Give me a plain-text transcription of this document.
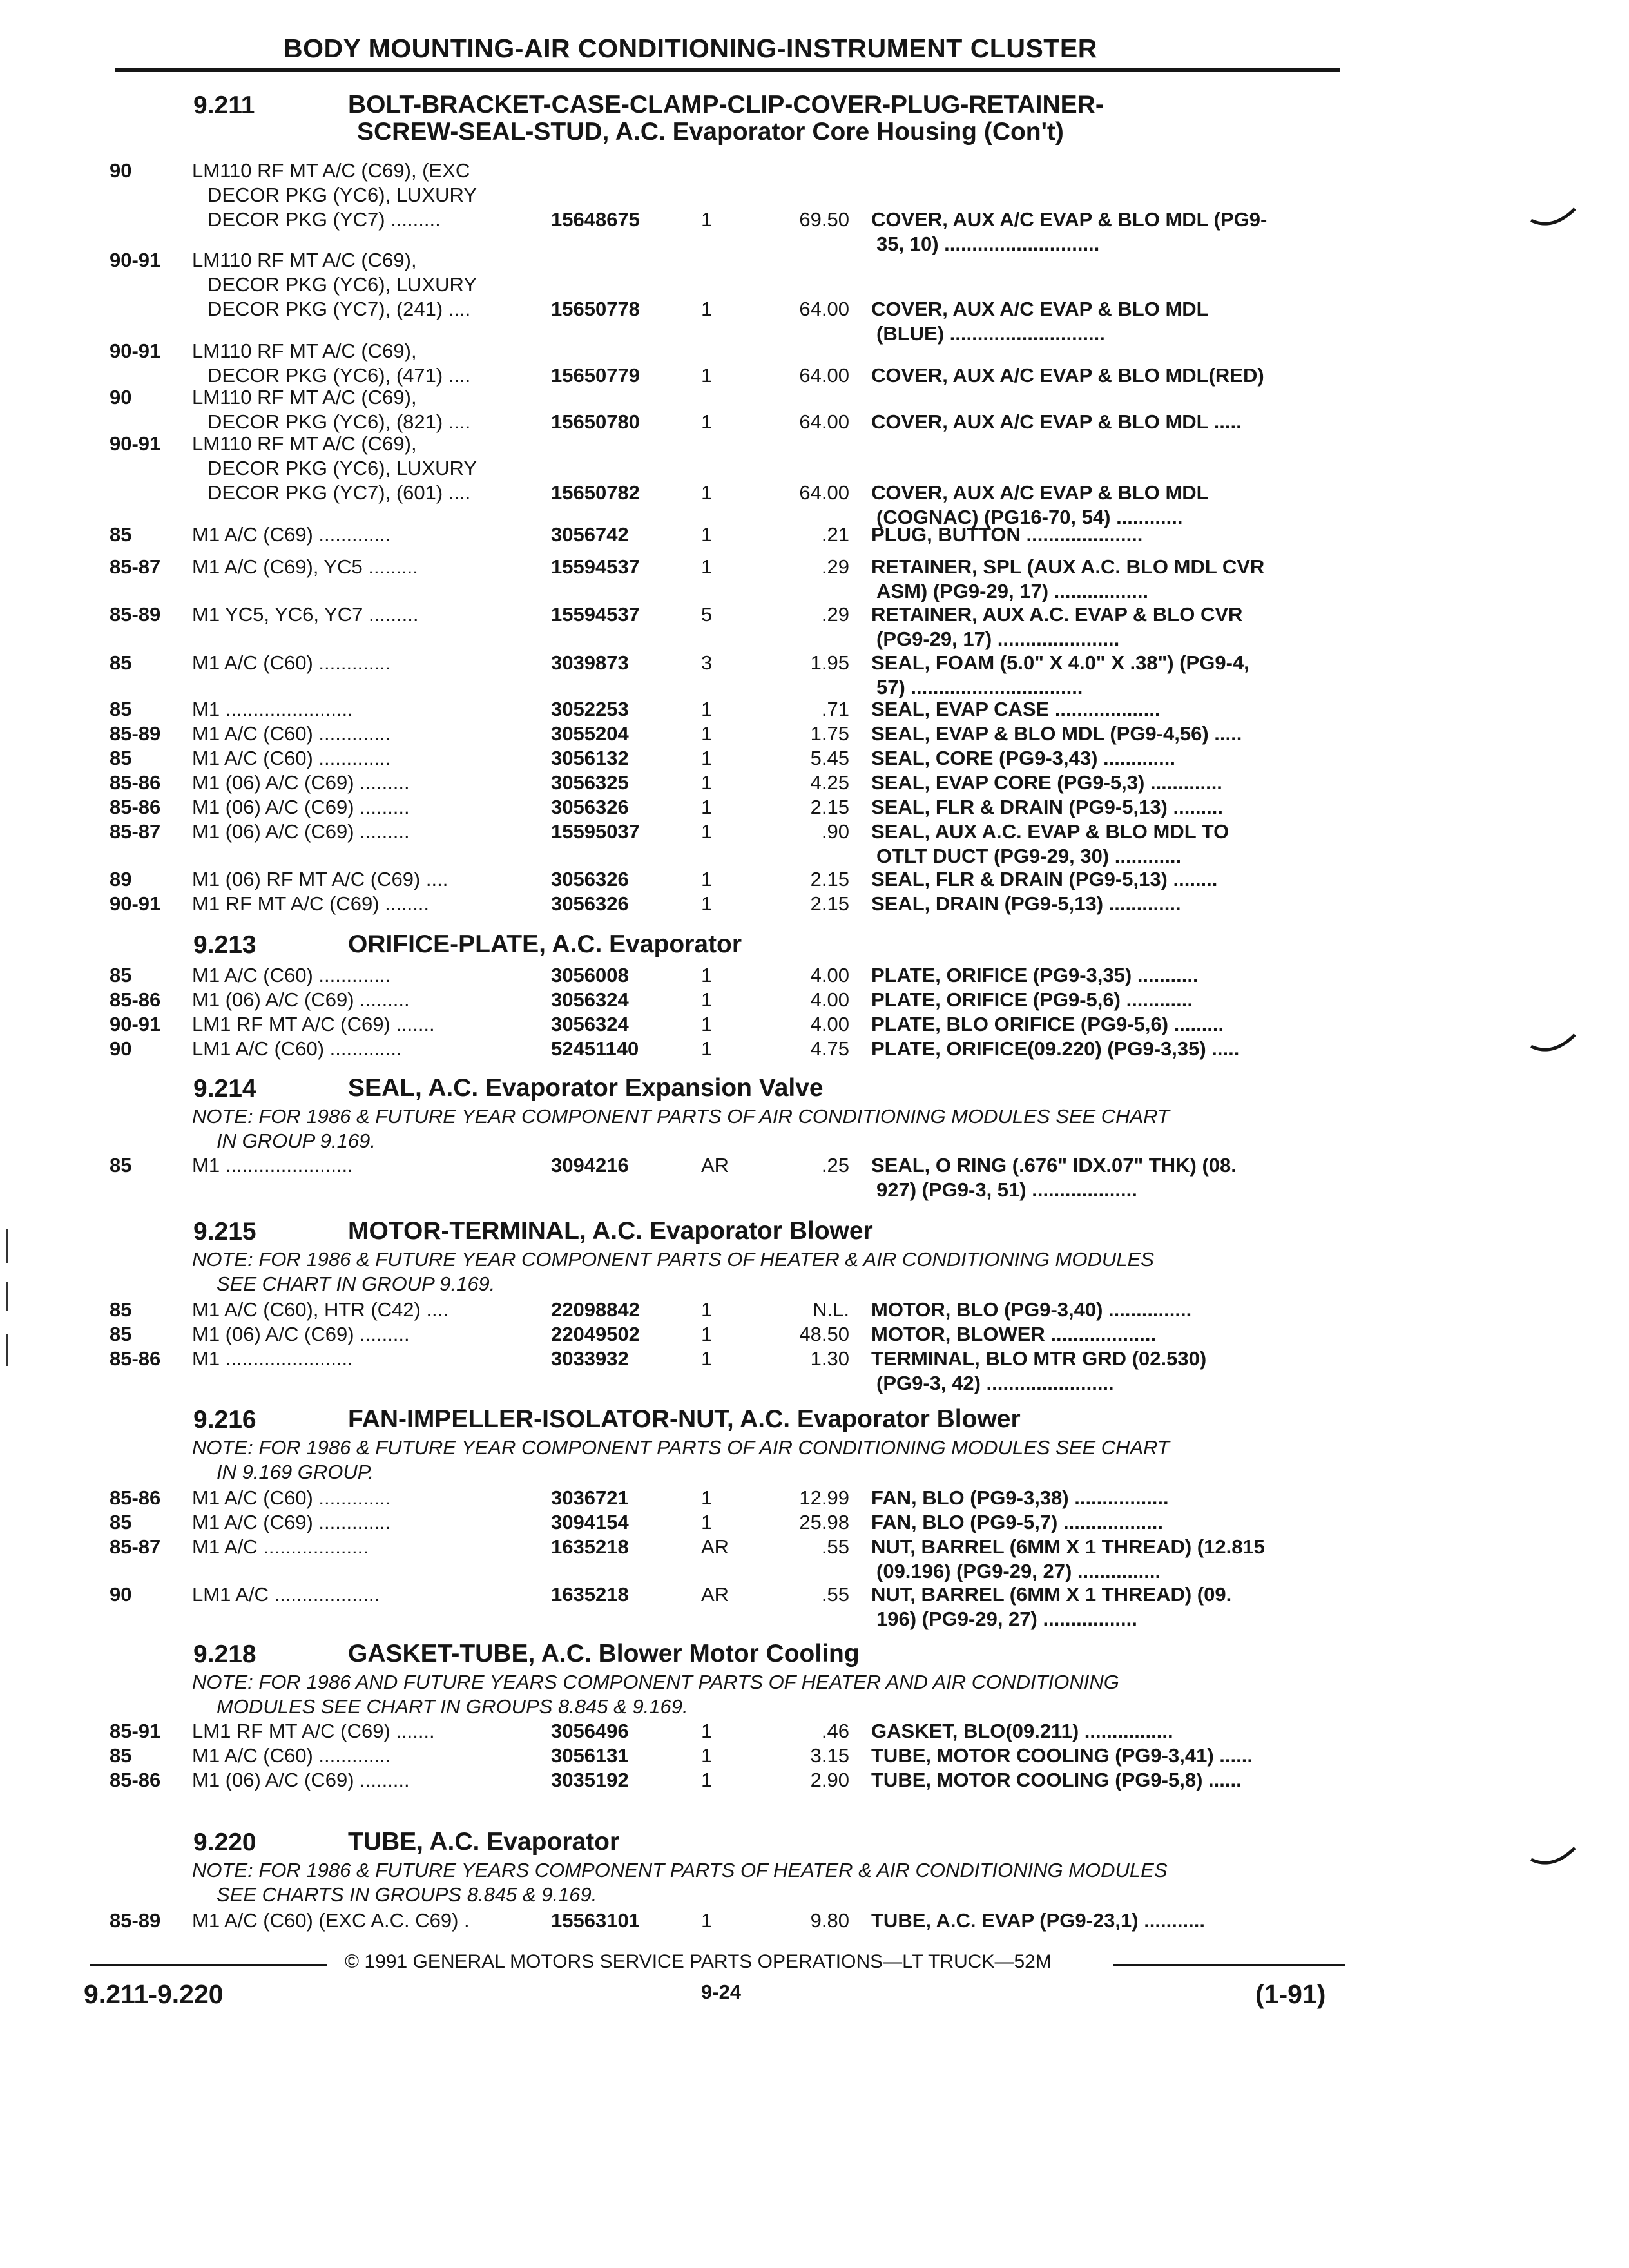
BODY MOUNTING-AIR CONDITIONING-INSTRUMENT CLUSTER
9.211	BOLT-BRACKET-CASE-CLAMP-CLIP-COVER-PLUG-RETAINER-
SCREW-SEAL-STUD, A.C. Evaporator Core Housing (Con't)
9.213	ORIFICE-PLATE, A.C. Evaporator
9.214	SEAL, A.C. Evaporator Expansion Valve
NOTE: FOR 1986 & FUTURE YEAR COMPONENT PARTS OF AIR CONDITIONING MODULES SEE CHART
IN GROUP 9.169.
9.215	MOTOR-TERMINAL, A.C. Evaporator Blower
NOTE: FOR 1986 & FUTURE YEAR COMPONENT PARTS OF HEATER & AIR CONDITIONING MODULES
SEE CHART IN GROUP 9.169.
9.216	FAN-IMPELLER-ISOLATOR-NUT, A.C. Evaporator Blower
NOTE: FOR 1986 & FUTURE YEAR COMPONENT PARTS OF AIR CONDITIONING MODULES SEE CHART
IN 9.169 GROUP.
9.218	GASKET-TUBE, A.C. Blower Motor Cooling
NOTE: FOR 1986 AND FUTURE YEARS COMPONENT PARTS OF HEATER AND AIR CONDITIONING
MODULES SEE CHART IN GROUPS 8.845 & 9.169.
9.220	TUBE, A.C. Evaporator
NOTE: FOR 1986 & FUTURE YEARS COMPONENT PARTS OF HEATER & AIR CONDITIONING MODULES
SEE CHARTS IN GROUPS 8.845 & 9.169.
90	LM110 RF MT A/C (C69), (EXC
DECOR PKG (YC6), LUXURY
DECOR PKG (YC7) .........	15648675	1	69.50 COVER, AUX A/C EVAP & BLO MDL (PG9-
35, 10) ............................
90-91 LM110 RF MT A/C (C69),
DECOR PKG (YC6), LUXURY
DECOR PKG (YC7), (241) ....	15650778	1	64.00 COVER, AUX A/C EVAP & BLO MDL
(BLUE) ............................
90-91 LM110 RF MT A/C (C69),
DECOR PKG (YC6), (471) ....	15650779	1	64.00 COVER, AUX A/C EVAP & BLO MDL(RED)
90	LM110 RF MT A/C (C69),
DECOR PKG (YC6), (821) ....	15650780	1	64.00 COVER, AUX A/C EVAP & BLO MDL .....
90-91 LM110 RF MT A/C (C69),
DECOR PKG (YC6), LUXURY
DECOR PKG (YC7), (601) ....	15650782	1	64.00 COVER, AUX A/C EVAP & BLO MDL
(COGNAC) (PG16-70, 54) ............
85	M1 A/C (C69) .............	3056742	1	.21 PLUG, BUTTON .....................
85-87 M1 A/C (C69), YC5 .........	15594537	1	.29 RETAINER, SPL (AUX A.C. BLO MDL CVR
ASM) (PG9-29, 17) .................
85-89 M1 YC5, YC6, YC7 .........	15594537	5	.29 RETAINER, AUX A.C. EVAP & BLO CVR
(PG9-29, 17) ......................
85	M1 A/C (C60) .............	3039873	3	1.95 SEAL, FOAM (5.0" X 4.0" X .38") (PG9-4,
57) ...............................
85	M1 .......................	3052253	1	.71 SEAL, EVAP CASE ...................
85-89 M1 A/C (C60) .............	3055204	1	1.75 SEAL, EVAP & BLO MDL (PG9-4,56) .....
85	M1 A/C (C60) .............	3056132	1	5.45 SEAL, CORE (PG9-3,43) .............
85-86 M1 (06) A/C (C69) .........	3056325	1	4.25 SEAL, EVAP CORE (PG9-5,3) .............
85-86 M1 (06) A/C (C69) .........	3056326	1	2.15 SEAL, FLR & DRAIN (PG9-5,13) .........
85-87 M1 (06) A/C (C69) .........	15595037	1	.90 SEAL, AUX A.C. EVAP & BLO MDL TO
OTLT DUCT (PG9-29, 30) ............
89	M1 (06) RF MT A/C (C69) ....	3056326	1	2.15 SEAL, FLR & DRAIN (PG9-5,13) ........
90-91 M1 RF MT A/C (C69) ........	3056326	1	2.15 SEAL, DRAIN (PG9-5,13) .............
85	M1 A/C (C60) .............	3056008	1	4.00 PLATE, ORIFICE (PG9-3,35) ...........
85-86 M1 (06) A/C (C69) .........	3056324	1	4.00 PLATE, ORIFICE (PG9-5,6) ............
90-91 LM1 RF MT A/C (C69) .......	3056324	1	4.00 PLATE, BLO ORIFICE (PG9-5,6) .........
90	LM1 A/C (C60) .............	52451140	1	4.75 PLATE, ORIFICE(09.220) (PG9-3,35) .....
85	M1 .......................	3094216	AR	.25 SEAL, O RING (.676" IDX.07" THK) (08.
927) (PG9-3, 51) ...................
85	M1 A/C (C60), HTR (C42) ....	22098842	1	N.L. MOTOR, BLO (PG9-3,40) ...............
85	M1 (06) A/C (C69) .........	22049502	1	48.50 MOTOR, BLOWER ...................
85-86 M1 .......................	3033932	1	1.30 TERMINAL, BLO MTR GRD (02.530)
(PG9-3, 42) .......................
85-86 M1 A/C (C60) .............	3036721	1	12.99 FAN, BLO (PG9-3,38) .................
85	M1 A/C (C69) .............	3094154	1	25.98 FAN, BLO (PG9-5,7) ..................
85-87 M1 A/C ...................	1635218	AR	.55 NUT, BARREL (6MM X 1 THREAD) (12.815
(09.196) (PG9-29, 27) ...............
90	LM1 A/C ...................	1635218	AR	.55 NUT, BARREL (6MM X 1 THREAD) (09.
196) (PG9-29, 27) .................
85-91 LM1 RF MT A/C (C69) .......	3056496	1	.46 GASKET, BLO(09.211) ................
85	M1 A/C (C60) .............	3056131	1	3.15 TUBE, MOTOR COOLING (PG9-3,41) ......
85-86 M1 (06) A/C (C69) .........	3035192	1	2.90 TUBE, MOTOR COOLING (PG9-5,8) ......
85-89 M1 A/C (C60) (EXC A.C. C69) .	15563101	1	9.80 TUBE, A.C. EVAP (PG9-23,1) ...........
© 1991 GENERAL MOTORS SERVICE PARTS OPERATIONS—LT TRUCK—52M
9.211-9.220	9-24	(1-91)
